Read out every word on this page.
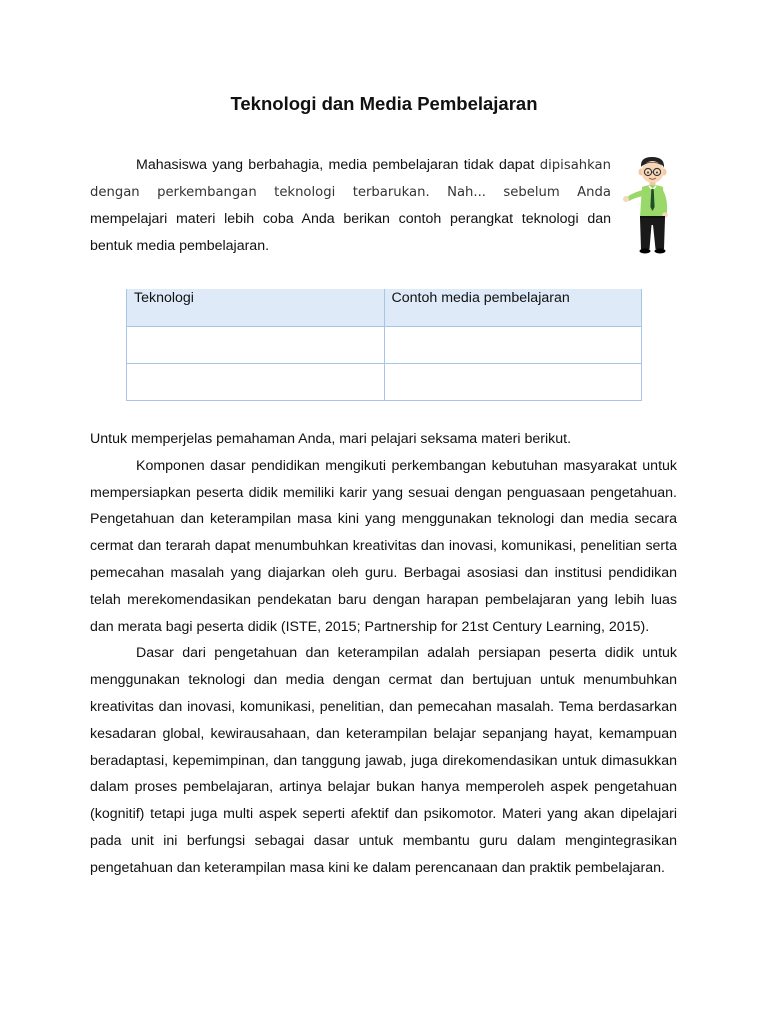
Teknologi dan Media Pembelajaran

Mahasiswa yang berbahagia, media pembelajaran tidak dapat dipisahkan dengan perkembangan teknologi terbarukan. Nah... sebelum Anda mempelajari materi lebih coba Anda berikan contoh perangkat teknologi dan bentuk media pembelajaran.

Teknologi	Contoh media pembelajaran

Untuk memperjelas pemahaman Anda, mari pelajari seksama materi berikut.

Komponen dasar pendidikan mengikuti perkembangan kebutuhan masyarakat untuk mempersiapkan peserta didik memiliki karir yang sesuai dengan penguasaan pengetahuan. Pengetahuan dan keterampilan masa kini yang menggunakan teknologi dan media secara cermat dan terarah dapat menumbuhkan kreativitas dan inovasi, komunikasi, penelitian serta pemecahan masalah yang diajarkan oleh guru. Berbagai asosiasi dan institusi pendidikan telah merekomendasikan pendekatan baru dengan harapan pembelajaran yang lebih luas dan merata bagi peserta didik (ISTE, 2015; Partnership for 21st Century Learning, 2015).

Dasar dari pengetahuan dan keterampilan adalah persiapan peserta didik untuk menggunakan teknologi dan media dengan cermat dan bertujuan untuk menumbuhkan kreativitas dan inovasi, komunikasi, penelitian, dan pemecahan masalah. Tema berdasarkan kesadaran global, kewirausahaan, dan keterampilan belajar sepanjang hayat, kemampuan beradaptasi, kepemimpinan, dan tanggung jawab, juga direkomendasikan untuk dimasukkan dalam proses pembelajaran, artinya belajar bukan hanya memperoleh aspek pengetahuan (kognitif) tetapi juga multi aspek seperti afektif dan psikomotor. Materi yang akan dipelajari pada unit ini berfungsi sebagai dasar untuk membantu guru dalam mengintegrasikan pengetahuan dan keterampilan masa kini ke dalam perencanaan dan praktik pembelajaran.
